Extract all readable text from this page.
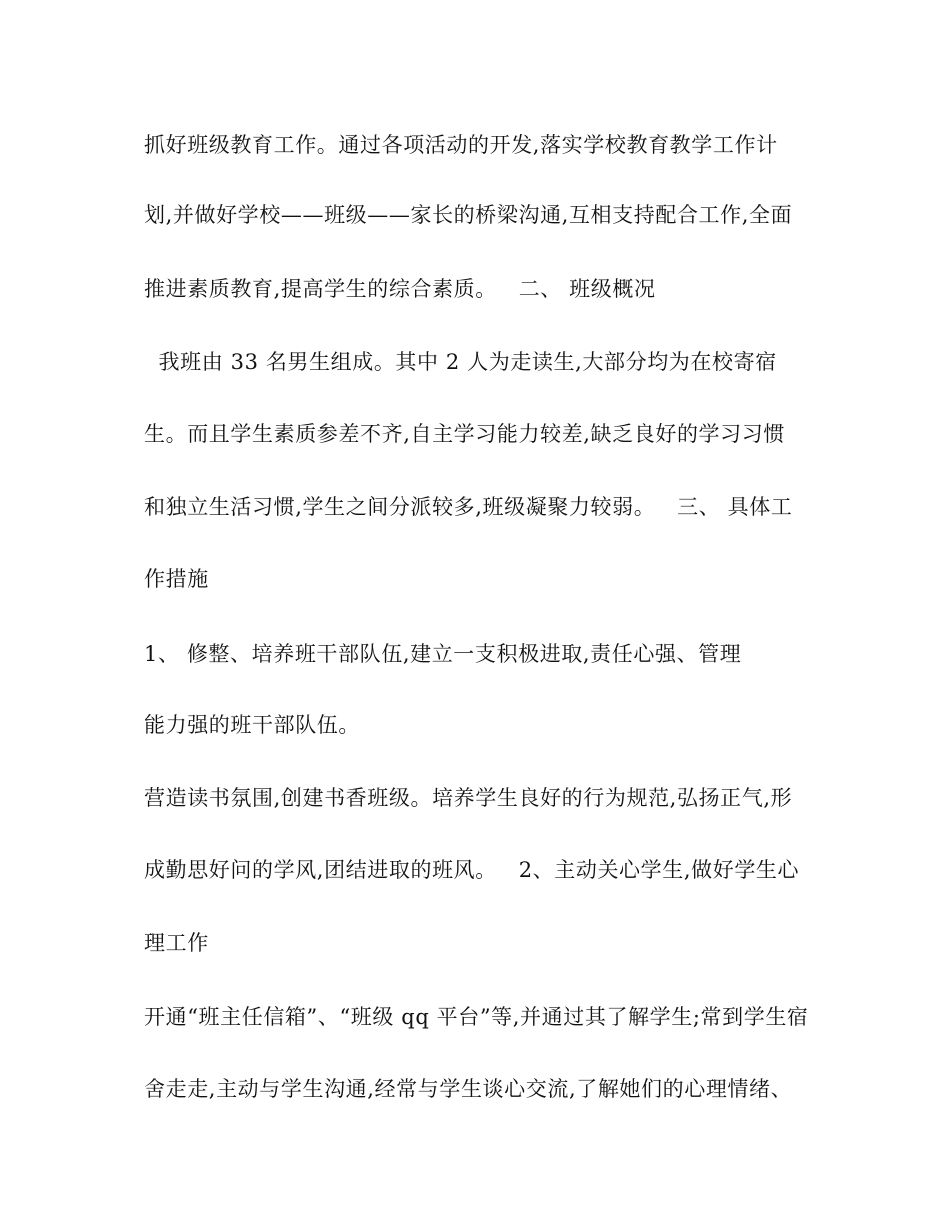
抓好班级教育工作。通过各项活动的开发,落实学校教育教学工作计
划,并做好学校——班级——家长的桥梁沟通,互相支持配合工作,全面
推进素质教育,提高学生的综合素质。   二、 班级概况
我班由 33 名男生组成。其中 2 人为走读生,大部分均为在校寄宿
生。而且学生素质参差不齐,自主学习能力较差,缺乏良好的学习习惯
和独立生活习惯,学生之间分派较多,班级凝聚力较弱。   三、 具体工
作措施
1、 修整、培养班干部队伍,建立一支积极进取,责任心强、管理
能力强的班干部队伍。
营造读书氛围,创建书香班级。培养学生良好的行为规范,弘扬正气,形
成勤思好问的学风,团结进取的班风。   2、主动关心学生,做好学生心
理工作
开通“班主任信箱”、“班级 qq 平台”等,并通过其了解学生;常到学生宿
舍走走,主动与学生沟通,经常与学生谈心交流,了解她们的心理情绪、
